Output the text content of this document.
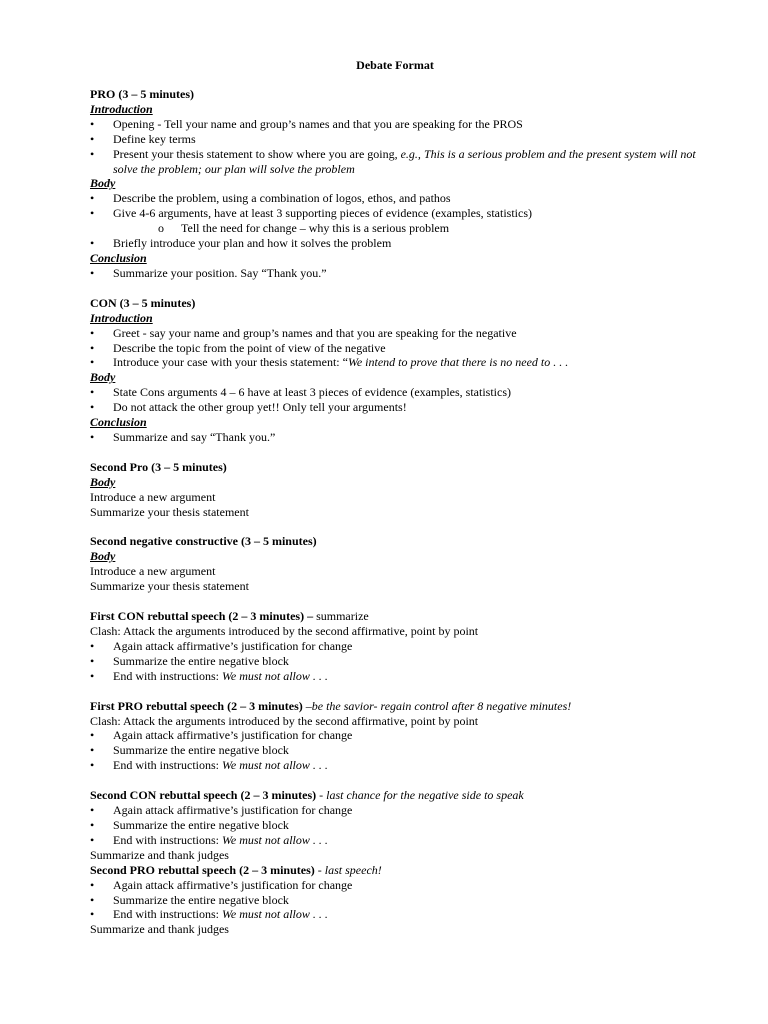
Debate Format
PRO (3 – 5 minutes)
Introduction
• Opening - Tell your name and group’s names and that you are speaking for the PROS
• Define key terms
• Present your thesis statement to show where you are going, e.g., This is a serious problem and the present system will not solve the problem; our plan will solve the problem
Body
• Describe the problem, using a combination of logos, ethos, and pathos
• Give 4-6 arguments, have at least 3 supporting pieces of evidence (examples, statistics)
o Tell the need for change – why this is a serious problem
• Briefly introduce your plan and how it solves the problem
Conclusion
• Summarize your position. Say “Thank you.”
CON (3 – 5 minutes)
Introduction
• Greet - say your name and group’s names and that you are speaking for the negative
• Describe the topic from the point of view of the negative
• Introduce your case with your thesis statement: “We intend to prove that there is no need to . . .
Body
• State Cons arguments 4 – 6 have at least 3 pieces of evidence (examples, statistics)
• Do not attack the other group yet!! Only tell your arguments!
Conclusion
• Summarize and say “Thank you.”
Second Pro (3 – 5 minutes)
Body
Introduce a new argument
Summarize your thesis statement
Second negative constructive (3 – 5 minutes)
Body
Introduce a new argument
Summarize your thesis statement
First CON rebuttal speech (2 – 3 minutes) – summarize
Clash: Attack the arguments introduced by the second affirmative, point by point
• Again attack affirmative’s justification for change
• Summarize the entire negative block
• End with instructions: We must not allow . . .
First PRO rebuttal speech (2 – 3 minutes) –be the savior- regain control after 8 negative minutes!
Clash: Attack the arguments introduced by the second affirmative, point by point
• Again attack affirmative’s justification for change
• Summarize the entire negative block
• End with instructions: We must not allow . . .
Second CON rebuttal speech (2 – 3 minutes) - last chance for the negative side to speak
• Again attack affirmative’s justification for change
• Summarize the entire negative block
• End with instructions: We must not allow . . .
Summarize and thank judges
Second PRO rebuttal speech (2 – 3 minutes) - last speech!
• Again attack affirmative’s justification for change
• Summarize the entire negative block
• End with instructions: We must not allow . . .
Summarize and thank judges
